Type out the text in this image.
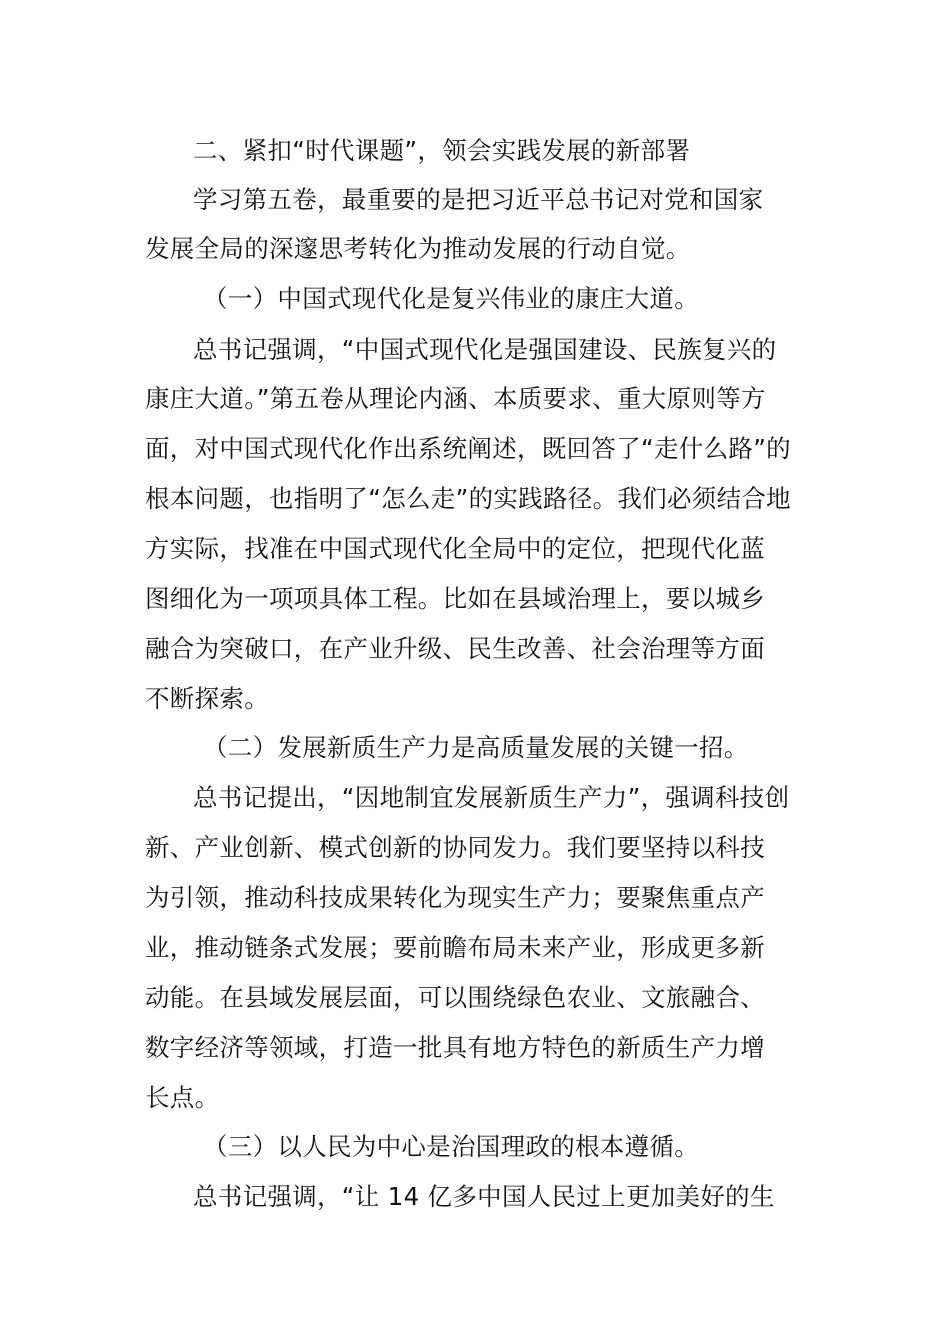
二、紧扣“时代课题”，领会实践发展的新部署
学习第五卷，最重要的是把习近平总书记对党和国家
发展全局的深邃思考转化为推动发展的行动自觉。
（一）中国式现代化是复兴伟业的康庄大道。
总书记强调，“中国式现代化是强国建设、民族复兴的
康庄大道。”第五卷从理论内涵、本质要求、重大原则等方
面，对中国式现代化作出系统阐述，既回答了“走什么路”的
根本问题，也指明了“怎么走”的实践路径。我们必须结合地
方实际，找准在中国式现代化全局中的定位，把现代化蓝
图细化为一项项具体工程。比如在县域治理上，要以城乡
融合为突破口，在产业升级、民生改善、社会治理等方面
不断探索。
（二）发展新质生产力是高质量发展的关键一招。
总书记提出，“因地制宜发展新质生产力”，强调科技创
新、产业创新、模式创新的协同发力。我们要坚持以科技
为引领，推动科技成果转化为现实生产力；要聚焦重点产
业，推动链条式发展；要前瞻布局未来产业，形成更多新
动能。在县域发展层面，可以围绕绿色农业、文旅融合、
数字经济等领域，打造一批具有地方特色的新质生产力增
长点。
（三）以人民为中心是治国理政的根本遵循。
总书记强调，“让 14 亿多中国人民过上更加美好的生
